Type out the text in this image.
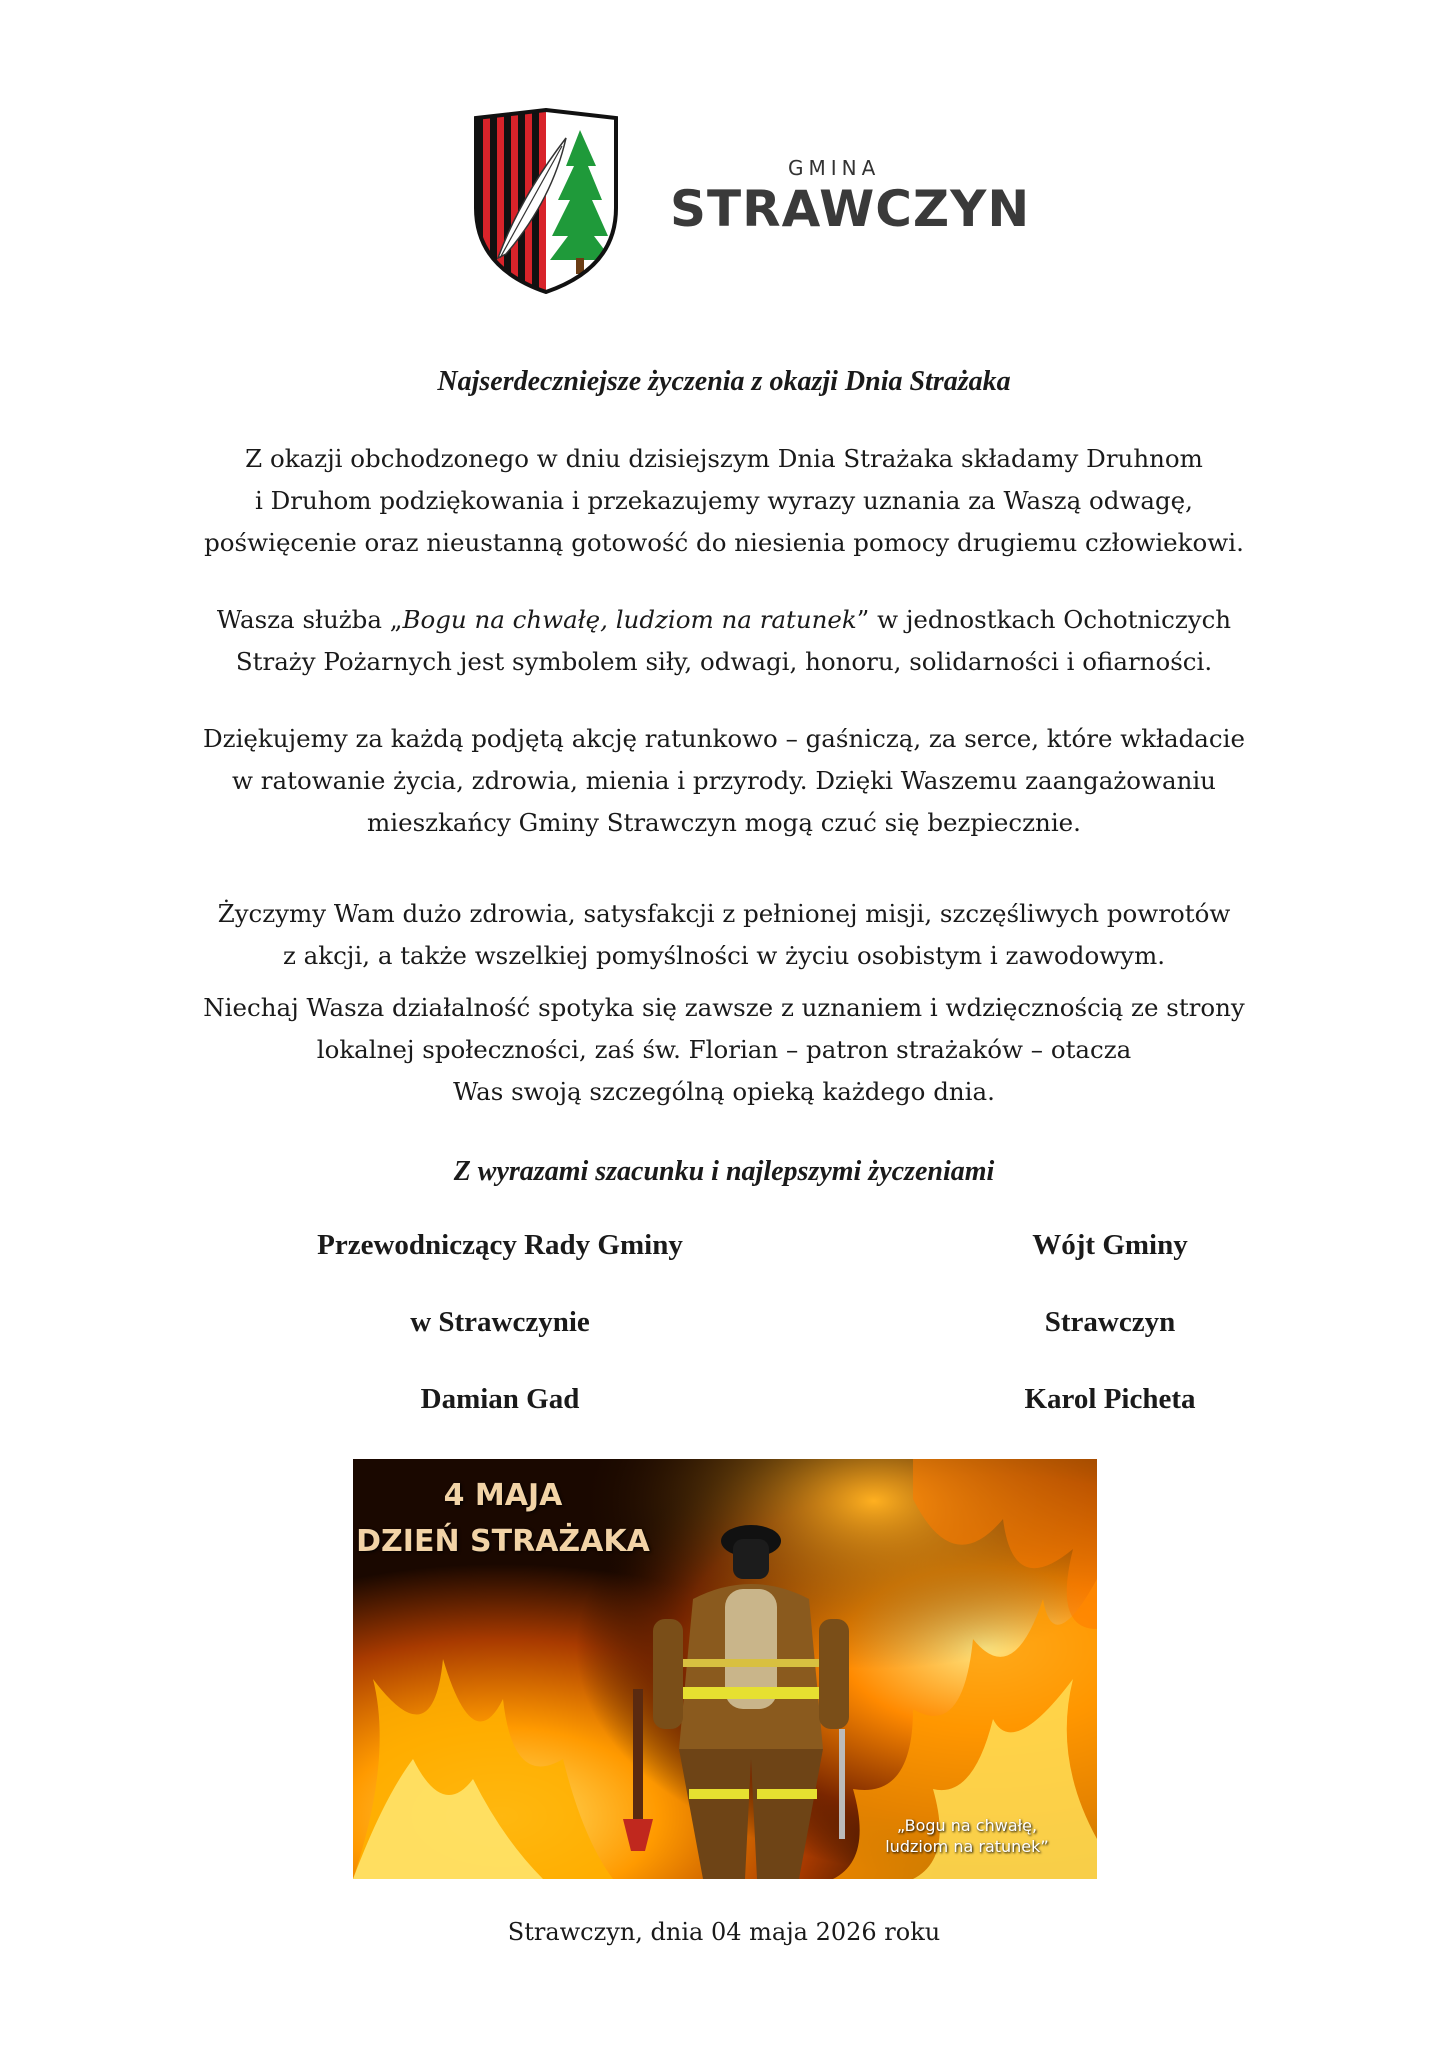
GMINA
STRAWCZYN
Najserdeczniejsze życzenia z okazji Dnia Strażaka

Z okazji obchodzonego w dniu dzisiejszym Dnia Strażaka składamy Druhnom
i Druhom podziękowania i przekazujemy wyrazy uznania za Waszą odwagę,
poświęcenie oraz nieustanną gotowość do niesienia pomocy drugiemu człowiekowi.

Wasza służba „Bogu na chwałę, ludziom na ratunek” w jednostkach Ochotniczych
Straży Pożarnych jest symbolem siły, odwagi, honoru, solidarności i ofiarności.

Dziękujemy za każdą podjętą akcję ratunkowo – gaśniczą, za serce, które wkładacie
w ratowanie życia, zdrowia, mienia i przyrody. Dzięki Waszemu zaangażowaniu
mieszkańcy Gminy Strawczyn mogą czuć się bezpiecznie.

Życzymy Wam dużo zdrowia, satysfakcji z pełnionej misji, szczęśliwych powrotów
z akcji, a także wszelkiej pomyślności w życiu osobistym i zawodowym.

Niechaj Wasza działalność spotyka się zawsze z uznaniem i wdzięcznością ze strony
lokalnej społeczności, zaś św. Florian – patron strażaków – otacza
Was swoją szczególną opieką każdego dnia.

Z wyrazami szacunku i najlepszymi życzeniami
Przewodniczący Rady Gminy
w Strawczynie
Damian Gad
Wójt Gminy
Strawczyn
Karol Picheta
4 MAJA
DZIEŃ STRAŻAKA
„Bogu na chwałę,
ludziom na ratunek”
Strawczyn, dnia 04 maja 2026 roku
